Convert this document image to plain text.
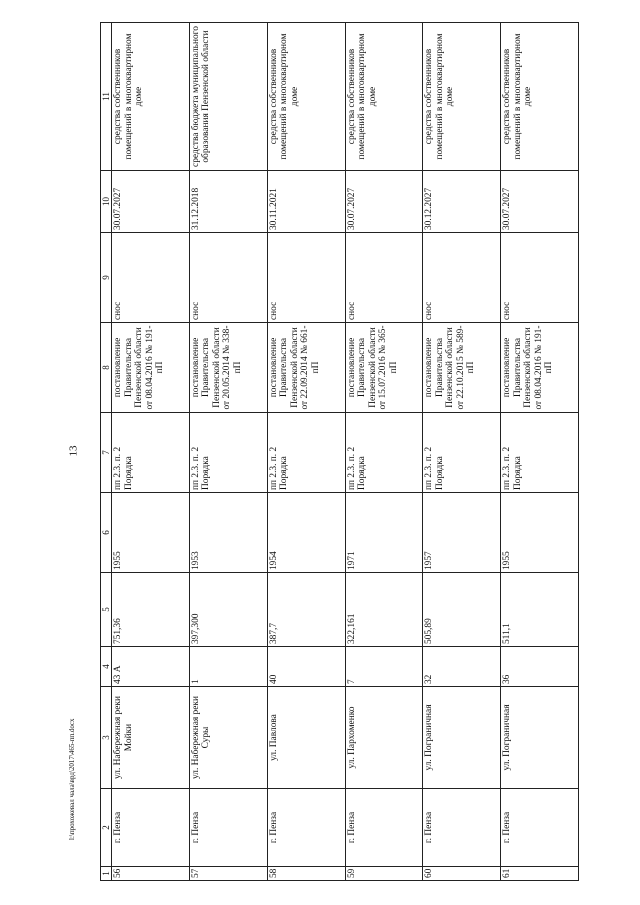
13
l:\прохожевал чала\врд\2017\465-пп.docx
1	2	3	4	5	6	7	8	9	10	11
56	г. Пенза	ул. Набережная реки Мойки	43 А	751,36	1955	пп 2.3. п. 2 Порядка	постановление Правительства Пензенской области от 08.04.2016 № 191-пП	снос	30.07.2027	средства собственников помещений в многоквартирном доме
57	г. Пенза	ул. Набережная реки Суры	1	397,300	1953	пп 2.3. п. 2 Порядка	постановление Правительства Пензенской области от 20.05.2014 № 338-пП	снос	31.12.2018	средства бюджета муниципального образования Пензенской области
58	г. Пенза	ул. Павлова	40	387,7	1954	пп 2.3. п. 2 Порядка	постановление Правительства Пензенской области от 22.09.2014 № 661-пП	снос	30.11.2021	средства собственников помещений в многоквартирном доме
59	г. Пенза	ул. Пархоменко	7	322,161	1971	пп 2.3. п. 2 Порядка	постановление Правительства Пензенской области от 15.07.2016 № 365-пП	снос	30.07.2027	средства собственников помещений в многоквартирном доме
60	г. Пенза	ул. Пограничная	32	505,89	1957	пп 2.3. п. 2 Порядка	постановление Правительства Пензенской области от 22.10.2015 № 589-пП	снос	30.12.2027	средства собственников помещений в многоквартирном доме
61	г. Пенза	ул. Пограничная	36	511,1	1955	пп 2.3. п. 2 Порядка	постановление Правительства Пензенской области от 08.04.2016 № 191-пП	снос	30.07.2027	средства собственников помещений в многоквартирном доме
